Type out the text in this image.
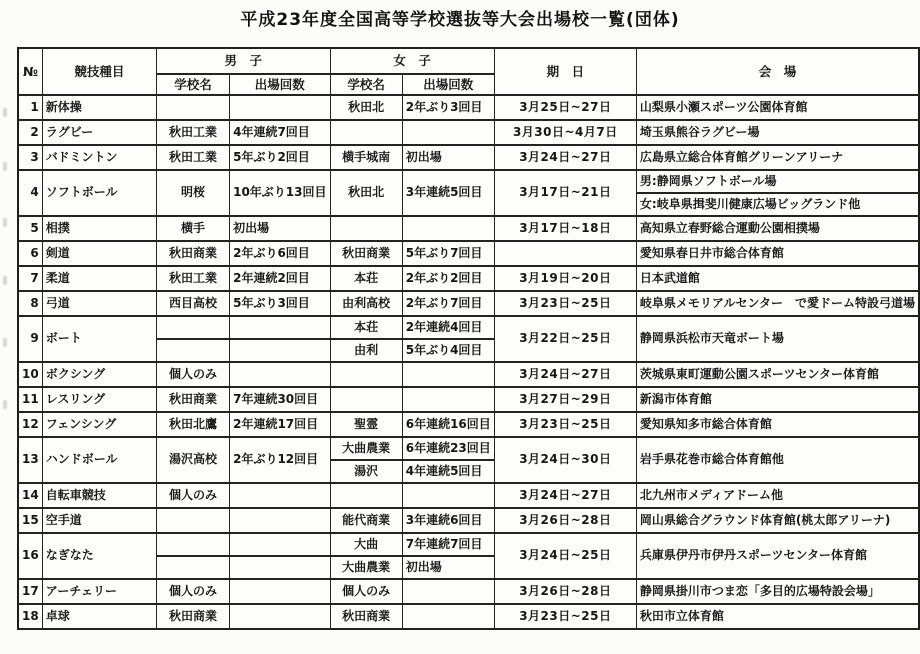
平成23年度全国高等学校選抜等大会出場校一覧(団体)
№	競技種目	男　子		女　子		期　日	会　場
		学校名	出場回数	学校名	出場回数		
1	新体操			秋田北	2年ぶり3回目	3月25日~27日	山梨県小瀬スポーツ公園体育館
2	ラグビー	秋田工業	4年連続7回目			3月30日~4月7日	埼玉県熊谷ラグビー場
3	バドミントン	秋田工業	5年ぶり2回目	横手城南	初出場	3月24日~27日	広島県立総合体育館グリーンアリーナ
4	ソフトボール	明桜	10年ぶり13回目	秋田北	3年連続5回目	3月17日~21日	男:静岡県ソフトボール場
							女:岐阜県揖斐川健康広場ビッグランド他
5	相撲	横手	初出場			3月17日~18日	高知県立春野総合運動公園相撲場
6	剣道	秋田商業	2年ぶり6回目	秋田商業	5年ぶり7回目		愛知県春日井市総合体育館
7	柔道	秋田工業	2年連続2回目	本荘	2年ぶり2回目	3月19日~20日	日本武道館
8	弓道	西目高校	5年ぶり3回目	由利高校	2年ぶり7回目	3月23日~25日	岐阜県メモリアルセンター　で愛ドーム特設弓道場
9	ボート			本荘	2年連続4回目	3月22日~25日	静岡県浜松市天竜ボート場
				由利	5年ぶり4回目		
10	ボクシング	個人のみ				3月24日~27日	茨城県東町運動公園スポーツセンター体育館
11	レスリング	秋田商業	7年連続30回目			3月27日~29日	新潟市体育館
12	フェンシング	秋田北鷹	2年連続17回目	聖霊	6年連続16回目	3月23日~25日	愛知県知多市総合体育館
13	ハンドボール	湯沢高校	2年ぶり12回目	大曲農業	6年連続23回目	3月24日~30日	岩手県花巻市総合体育館他
				湯沢	4年連続5回目		
14	自転車競技	個人のみ				3月24日~27日	北九州市メディアドーム他
15	空手道			能代商業	3年連続6回目	3月26日~28日	岡山県総合グラウンド体育館(桃太郎アリーナ)
16	なぎなた			大曲	7年連続7回目	3月24日~25日	兵庫県伊丹市伊丹スポーツセンター体育館
				大曲農業	初出場		
17	アーチェリー	個人のみ		個人のみ		3月26日~28日	静岡県掛川市つま恋「多目的広場特設会場」
18	卓球	秋田商業		秋田商業		3月23日~25日	秋田市立体育館
